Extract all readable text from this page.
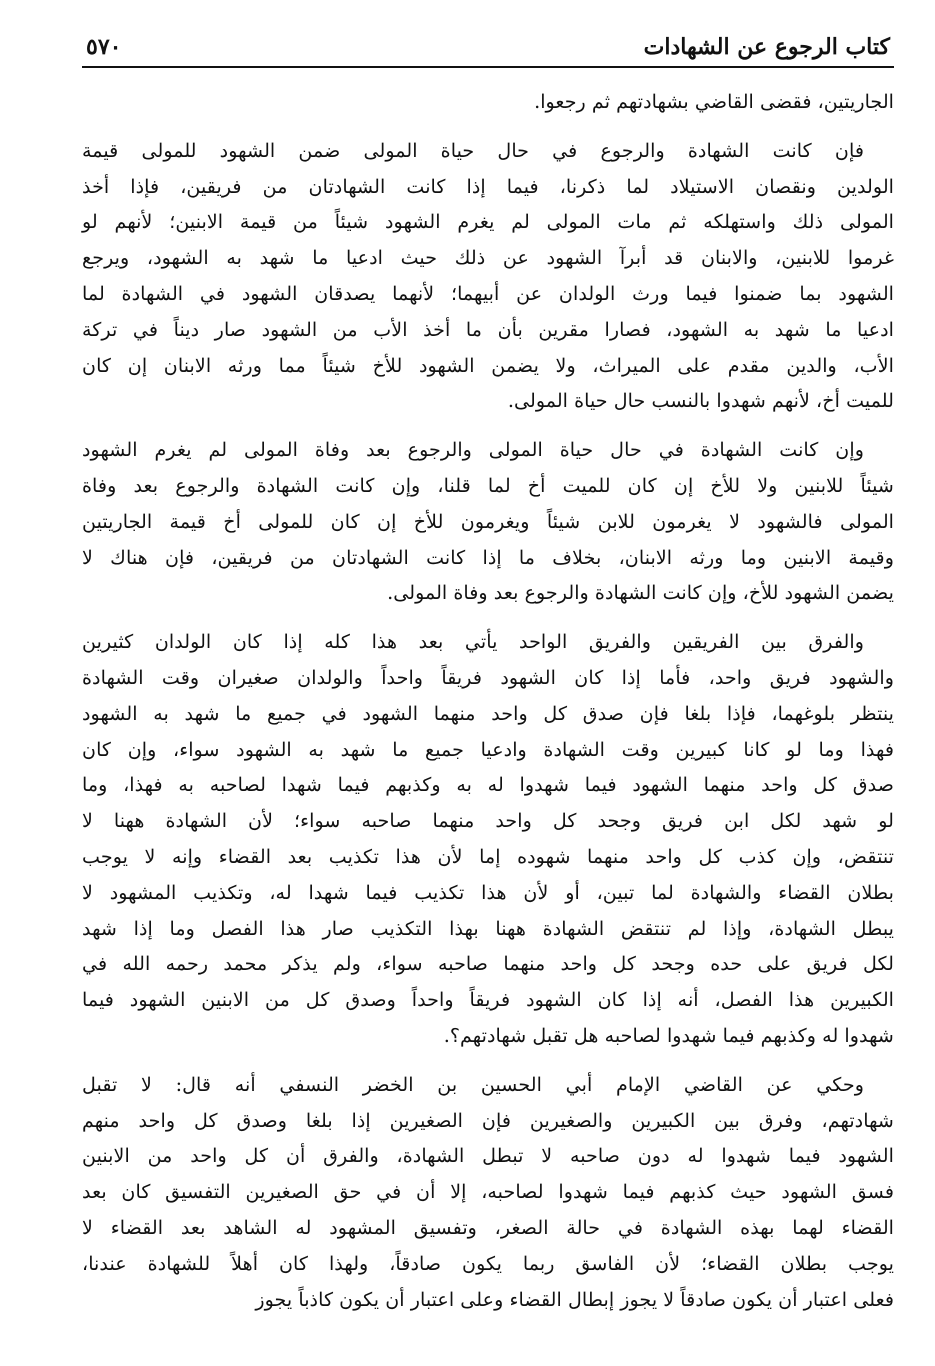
كتاب الرجوع عن الشهادات
٥٧٠
الجاريتين، فقضى القاضي بشهادتهم ثم رجعوا.
فإن كانت الشهادة والرجوع في حال حياة المولى ضمن الشهود للمولى قيمة
الولدين ونقصان الاستيلاد لما ذكرنا، فيما إذا كانت الشهادتان من فريقين، فإذا أخذ
المولى ذلك واستهلكه ثم مات المولى لم يغرم الشهود شيئاً من قيمة الابنين؛ لأنهم لو
غرموا للابنين، والابنان قد أبرآ الشهود عن ذلك حيث ادعيا ما شهد به الشهود، ويرجع
الشهود بما ضمنوا فيما ورث الولدان عن أبيهما؛ لأنهما يصدقان الشهود في الشهادة لما
ادعيا ما شهد به الشهود، فصارا مقرين بأن ما أخذ الأب من الشهود صار ديناً في تركة
الأب، والدين مقدم على الميراث، ولا يضمن الشهود للأخ شيئاً مما ورثه الابنان إن كان
للميت أخ، لأنهم شهدوا بالنسب حال حياة المولى.
وإن كانت الشهادة في حال حياة المولى والرجوع بعد وفاة المولى لم يغرم الشهود
شيئاً للابنين ولا للأخ إن كان للميت أخ لما قلنا، وإن كانت الشهادة والرجوع بعد وفاة
المولى فالشهود لا يغرمون للابن شيئاً ويغرمون للأخ إن كان للمولى أخ قيمة الجاريتين
وقيمة الابنين وما ورثه الابنان، بخلاف ما إذا كانت الشهادتان من فريقين، فإن هناك لا
يضمن الشهود للأخ، وإن كانت الشهادة والرجوع بعد وفاة المولى.
والفرق بين الفريقين والفريق الواحد يأتي بعد هذا كله إذا كان الولدان كثيرين
والشهود فريق واحد، فأما إذا كان الشهود فريقاً واحداً والولدان صغيران وقت الشهادة
ينتظر بلوغهما، فإذا بلغا فإن صدق كل واحد منهما الشهود في جميع ما شهد به الشهود
فهذا وما لو كانا كبيرين وقت الشهادة وادعيا جميع ما شهد به الشهود سواء، وإن كان
صدق كل واحد منهما الشهود فيما شهدوا له به وكذبهم فيما شهدا لصاحبه به فهذا، وما
لو شهد لكل ابن فريق وجحد كل واحد منهما صاحبه سواء؛ لأن الشهادة ههنا لا
تنتقض، وإن كذب كل واحد منهما شهوده إما لأن هذا تكذيب بعد القضاء وإنه لا يوجب
بطلان القضاء والشهادة لما تبين، أو لأن هذا تكذيب فيما شهدا له، وتكذيب المشهود لا
يبطل الشهادة، وإذا لم تنتقض الشهادة ههنا بهذا التكذيب صار هذا الفصل وما إذا شهد
لكل فريق على حده وجحد كل واحد منهما صاحبه سواء، ولم يذكر محمد رحمه الله في
الكبيرين هذا الفصل، أنه إذا كان الشهود فريقاً واحداً وصدق كل من الابنين الشهود فيما
شهدوا له وكذبهم فيما شهدوا لصاحبه هل تقبل شهادتهم؟.
وحكي عن القاضي الإمام أبي الحسين بن الخضر النسفي أنه قال: لا تقبل
شهادتهم، وفرق بين الكبيرين والصغيرين فإن الصغيرين إذا بلغا وصدق كل واحد منهم
الشهود فيما شهدوا له دون صاحبه لا تبطل الشهادة، والفرق أن كل واحد من الابنين
فسق الشهود حيث كذبهم فيما شهدوا لصاحبه، إلا أن في حق الصغيرين التفسيق كان بعد
القضاء لهما بهذه الشهادة في حالة الصغر، وتفسيق المشهود له الشاهد بعد القضاء لا
يوجب بطلان القضاء؛ لأن الفاسق ربما يكون صادقاً، ولهذا كان أهلاً للشهادة عندنا،
فعلى اعتبار أن يكون صادقاً لا يجوز إبطال القضاء وعلى اعتبار أن يكون كاذباً يجوز
